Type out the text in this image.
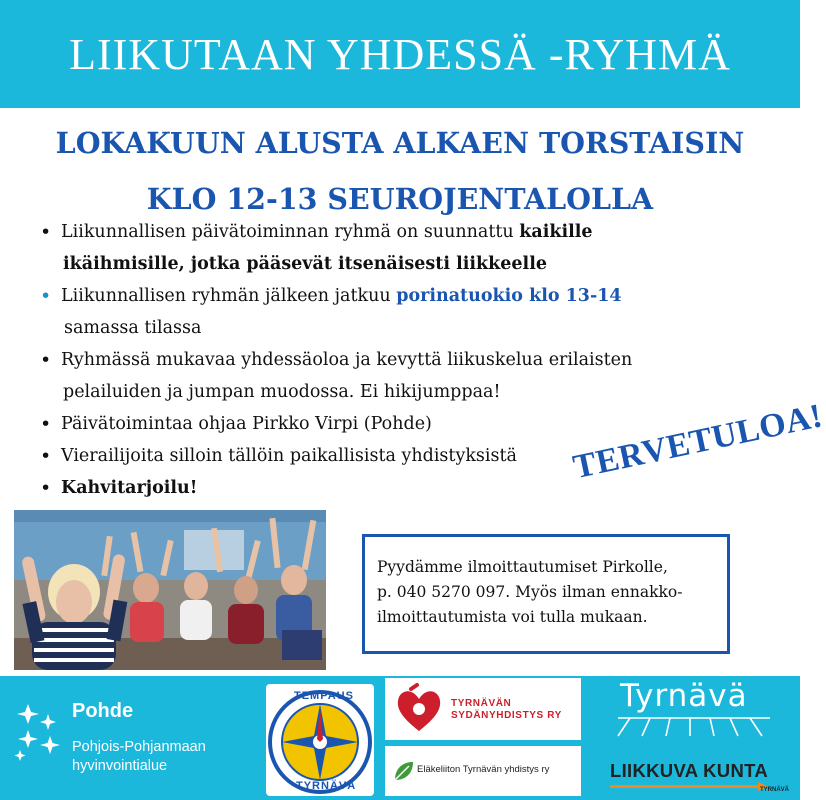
LIIKUTAAN YHDESSÄ -RYHMÄ
LOKAKUUN ALUSTA ALKAEN TORSTAISIN
KLO 12-13 SEUROJENTALOLLA
• Liikunnallisen päivätoiminnan ryhmä on suunnattu kaikille
ikäihmisille, jotka pääsevät itsenäisesti liikkeelle
• Liikunnallisen ryhmän jälkeen jatkuu porinatuokio klo 13-14
samassa tilassa
• Ryhmässä mukavaa yhdessäoloa ja kevyttä liikuskelua erilaisten
pelailuiden ja jumpan muodossa. Ei hikijumppaa!
• Päivätoimintaa ohjaa Pirkko Virpi (Pohde)
• Vierailijoita silloin tällöin paikallisista yhdistyksistä
• Kahvitarjoilu!
TERVETULOA!

Pyydämme ilmoittautumiset Pirkolle,

p. 040 5270 097. Myös ilman ennakko-

ilmoittautumista voi tulla mukaan.

Pohde
Pohjois-Pohjanmaan
hyvinvointialue
TEMPAUS
TYRNÄVÄ
TYRNÄVÄN
SYDÄNYHDISTYS RY
Eläkeliiton Tyrnävän yhdistys ry
Tyrnävä
LIIKKUVA KUNTA
TYRNÄVÄ
